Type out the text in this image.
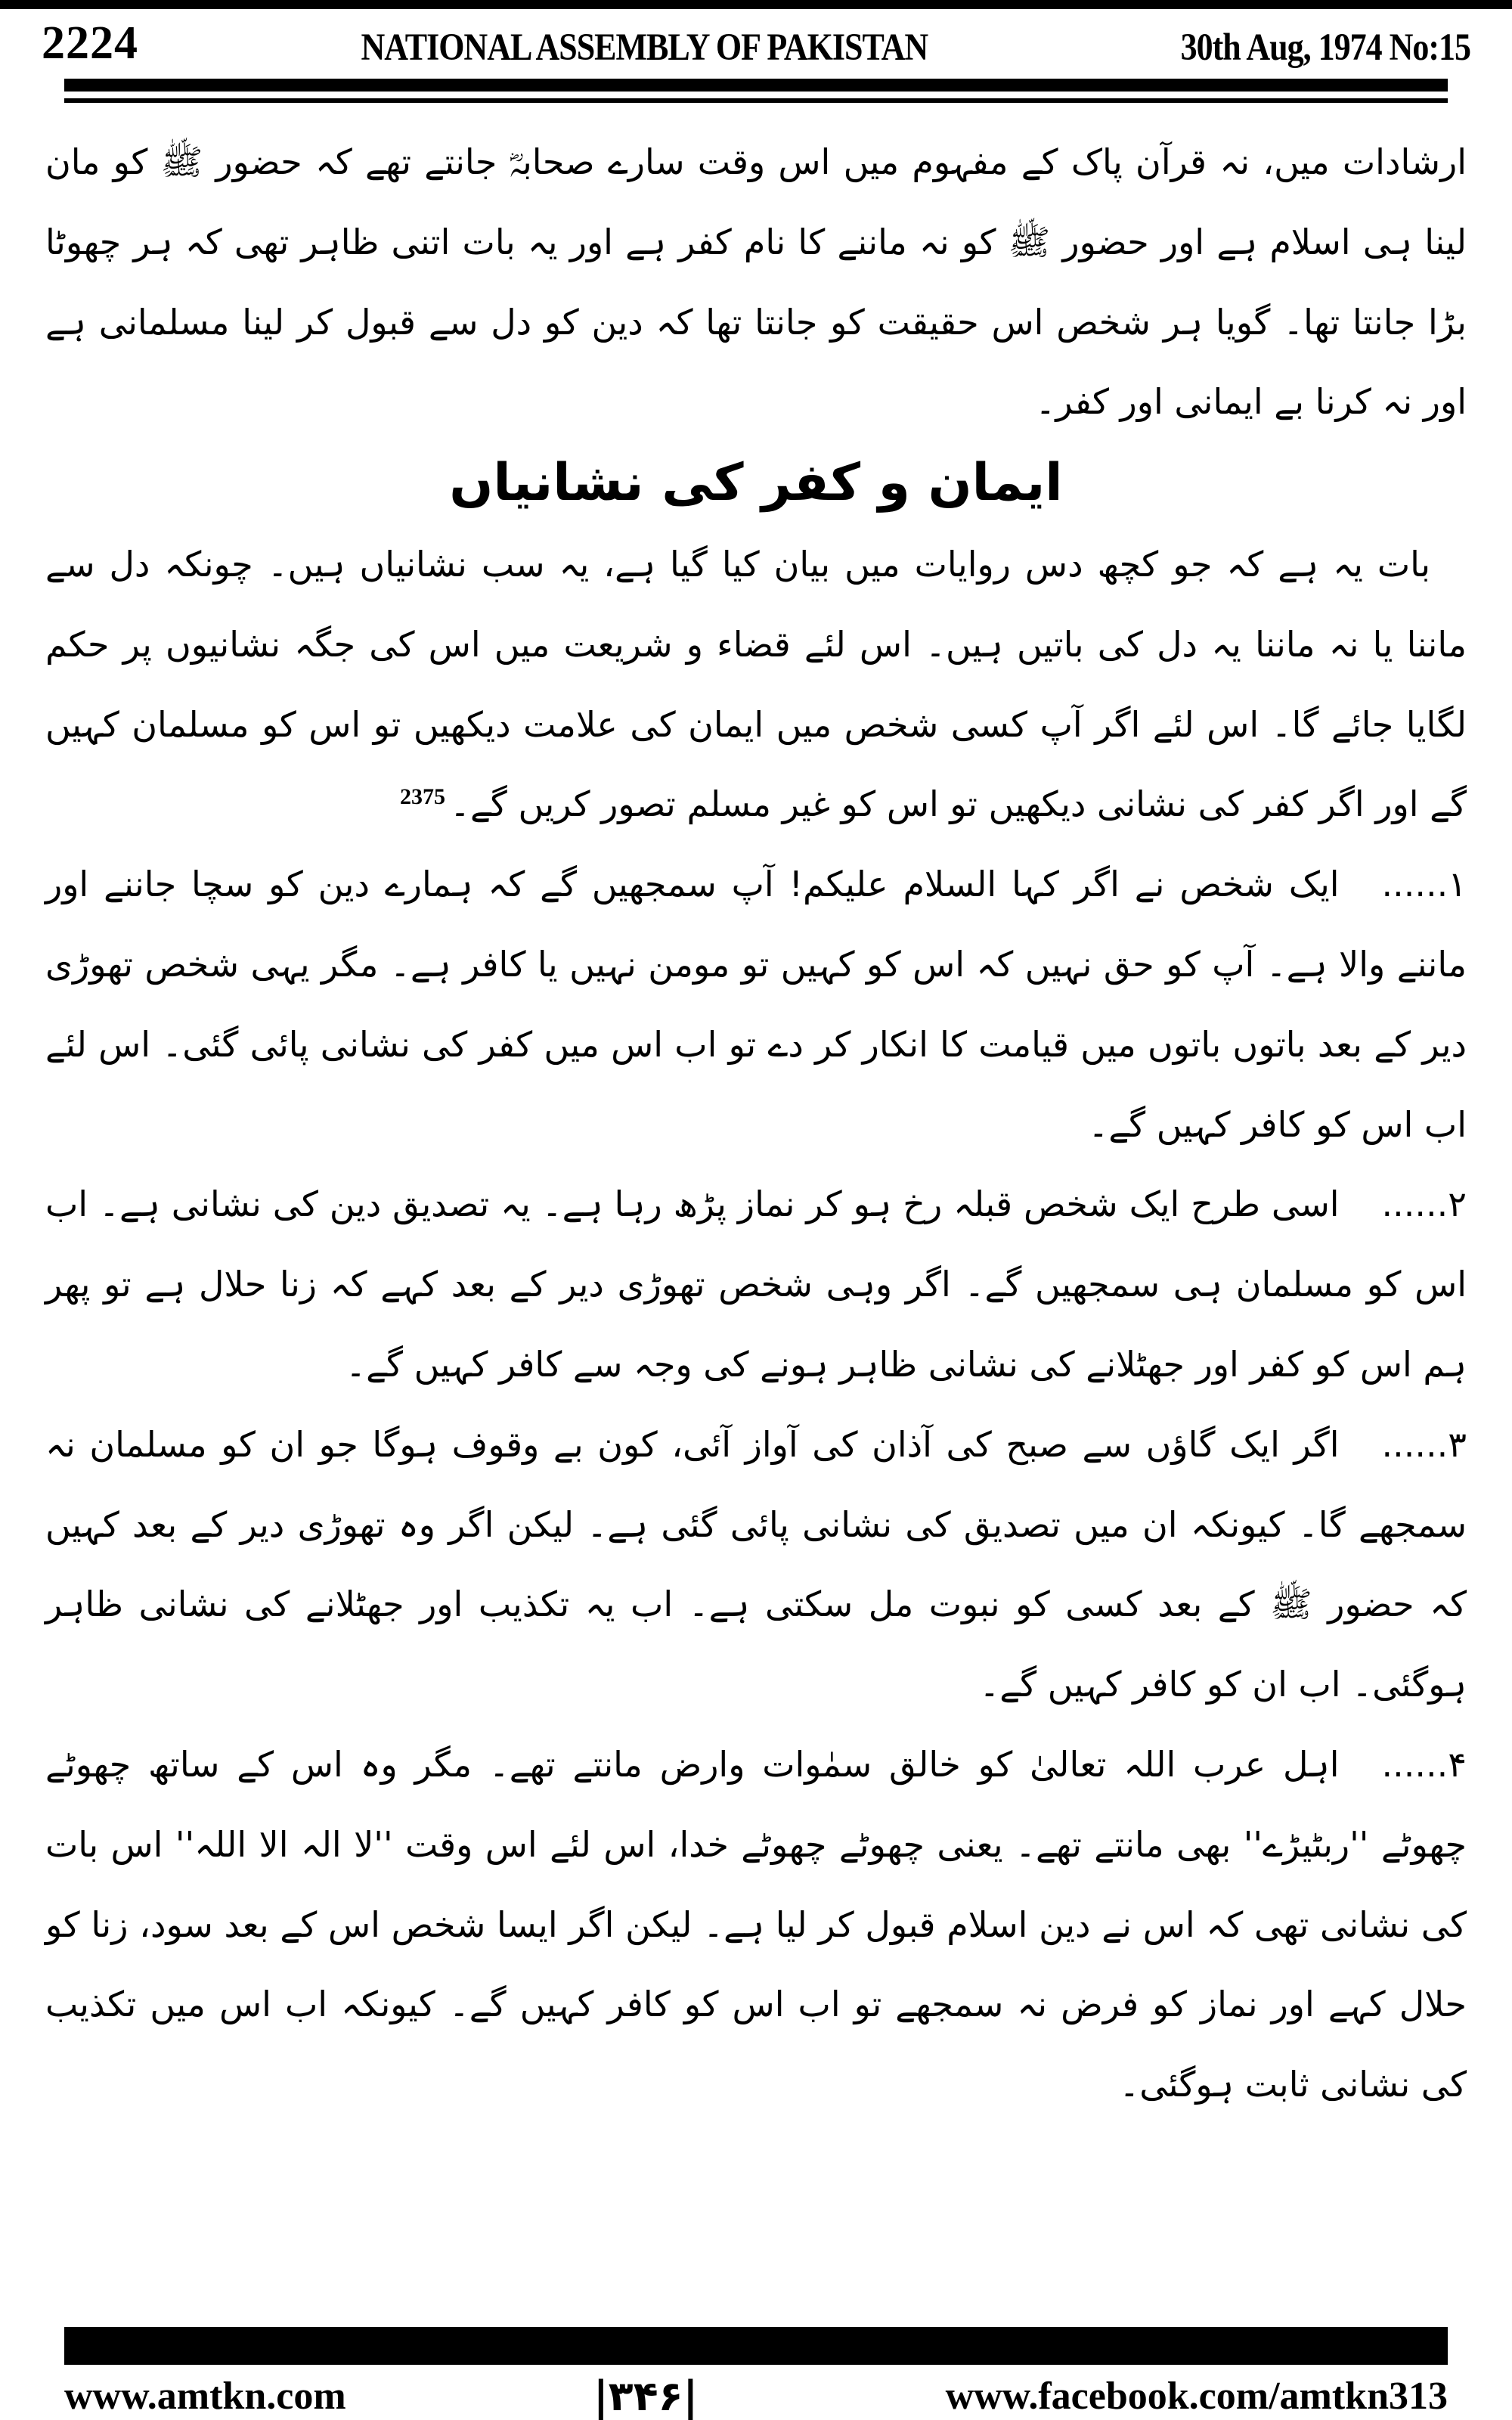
2224	NATIONAL ASSEMBLY OF PAKISTAN	30th Aug, 1974 No:15

ارشادات میں، نہ قرآن پاک کے مفہوم میں اس وقت سارے صحابہؓ جانتے تھے کہ حضور ﷺ کو مان لینا ہی اسلام ہے اور حضور ﷺ کو نہ ماننے کا نام کفر ہے اور یہ بات اتنی ظاہر تھی کہ ہر چھوٹا بڑا جانتا تھا۔ گویا ہر شخص اس حقیقت کو جانتا تھا کہ دین کو دل سے قبول کر لینا مسلمانی ہے اور نہ کرنا بے ایمانی اور کفر۔

ایمان و کفر کی نشانیاں

بات یہ ہے کہ جو کچھ دس روایات میں بیان کیا گیا ہے، یہ سب نشانیاں ہیں۔ چونکہ دل سے ماننا یا نہ ماننا یہ دل کی باتیں ہیں۔ اس لئے قضاء و شریعت میں اس کی جگہ نشانیوں پر حکم لگایا جائے گا۔ اس لئے اگر آپ کسی شخص میں ایمان کی علامت دیکھیں تو اس کو مسلمان کہیں گے اور اگر کفر کی نشانی دیکھیں تو اس کو غیر مسلم تصور کریں گے۔$^{2375}$

۱......ایک شخص نے اگر کہا السلام علیکم! آپ سمجھیں گے کہ ہمارے دین کو سچا جاننے اور ماننے والا ہے۔ آپ کو حق نہیں کہ اس کو کہیں تو مومن نہیں یا کافر ہے۔ مگر یہی شخص تھوڑی دیر کے بعد باتوں باتوں میں قیامت کا انکار کر دے تو اب اس میں کفر کی نشانی پائی گئی۔ اس لئے اب اس کو کافر کہیں گے۔

۲......اسی طرح ایک شخص قبلہ رخ ہو کر نماز پڑھ رہا ہے۔ یہ تصدیق دین کی نشانی ہے۔ اب اس کو مسلمان ہی سمجھیں گے۔ اگر وہی شخص تھوڑی دیر کے بعد کہے کہ زنا حلال ہے تو پھر ہم اس کو کفر اور جھٹلانے کی نشانی ظاہر ہونے کی وجہ سے کافر کہیں گے۔

۳......اگر ایک گاؤں سے صبح کی آذان کی آواز آئی، کون بے وقوف ہوگا جو ان کو مسلمان نہ سمجھے گا۔ کیونکہ ان میں تصدیق کی نشانی پائی گئی ہے۔ لیکن اگر وہ تھوڑی دیر کے بعد کہیں کہ حضور ﷺ کے بعد کسی کو نبوت مل سکتی ہے۔ اب یہ تکذیب اور جھٹلانے کی نشانی ظاہر ہوگئی۔ اب ان کو کافر کہیں گے۔

۴......اہل عرب اللہ تعالیٰ کو خالق سمٰوات وارض مانتے تھے۔ مگر وہ اس کے ساتھ چھوٹے چھوٹے ''ربٹیڑے'' بھی مانتے تھے۔ یعنی چھوٹے چھوٹے خدا، اس لئے اس وقت ''لا الہ الا اللہ'' اس بات کی نشانی تھی کہ اس نے دین اسلام قبول کر لیا ہے۔ لیکن اگر ایسا شخص اس کے بعد سود، زنا کو حلال کہے اور نماز کو فرض نہ سمجھے تو اب اس کو کافر کہیں گے۔ کیونکہ اب اس میں تکذیب کی نشانی ثابت ہوگئی۔

www.amtkn.com	|۳۴۶|	www.facebook.com/amtkn313
